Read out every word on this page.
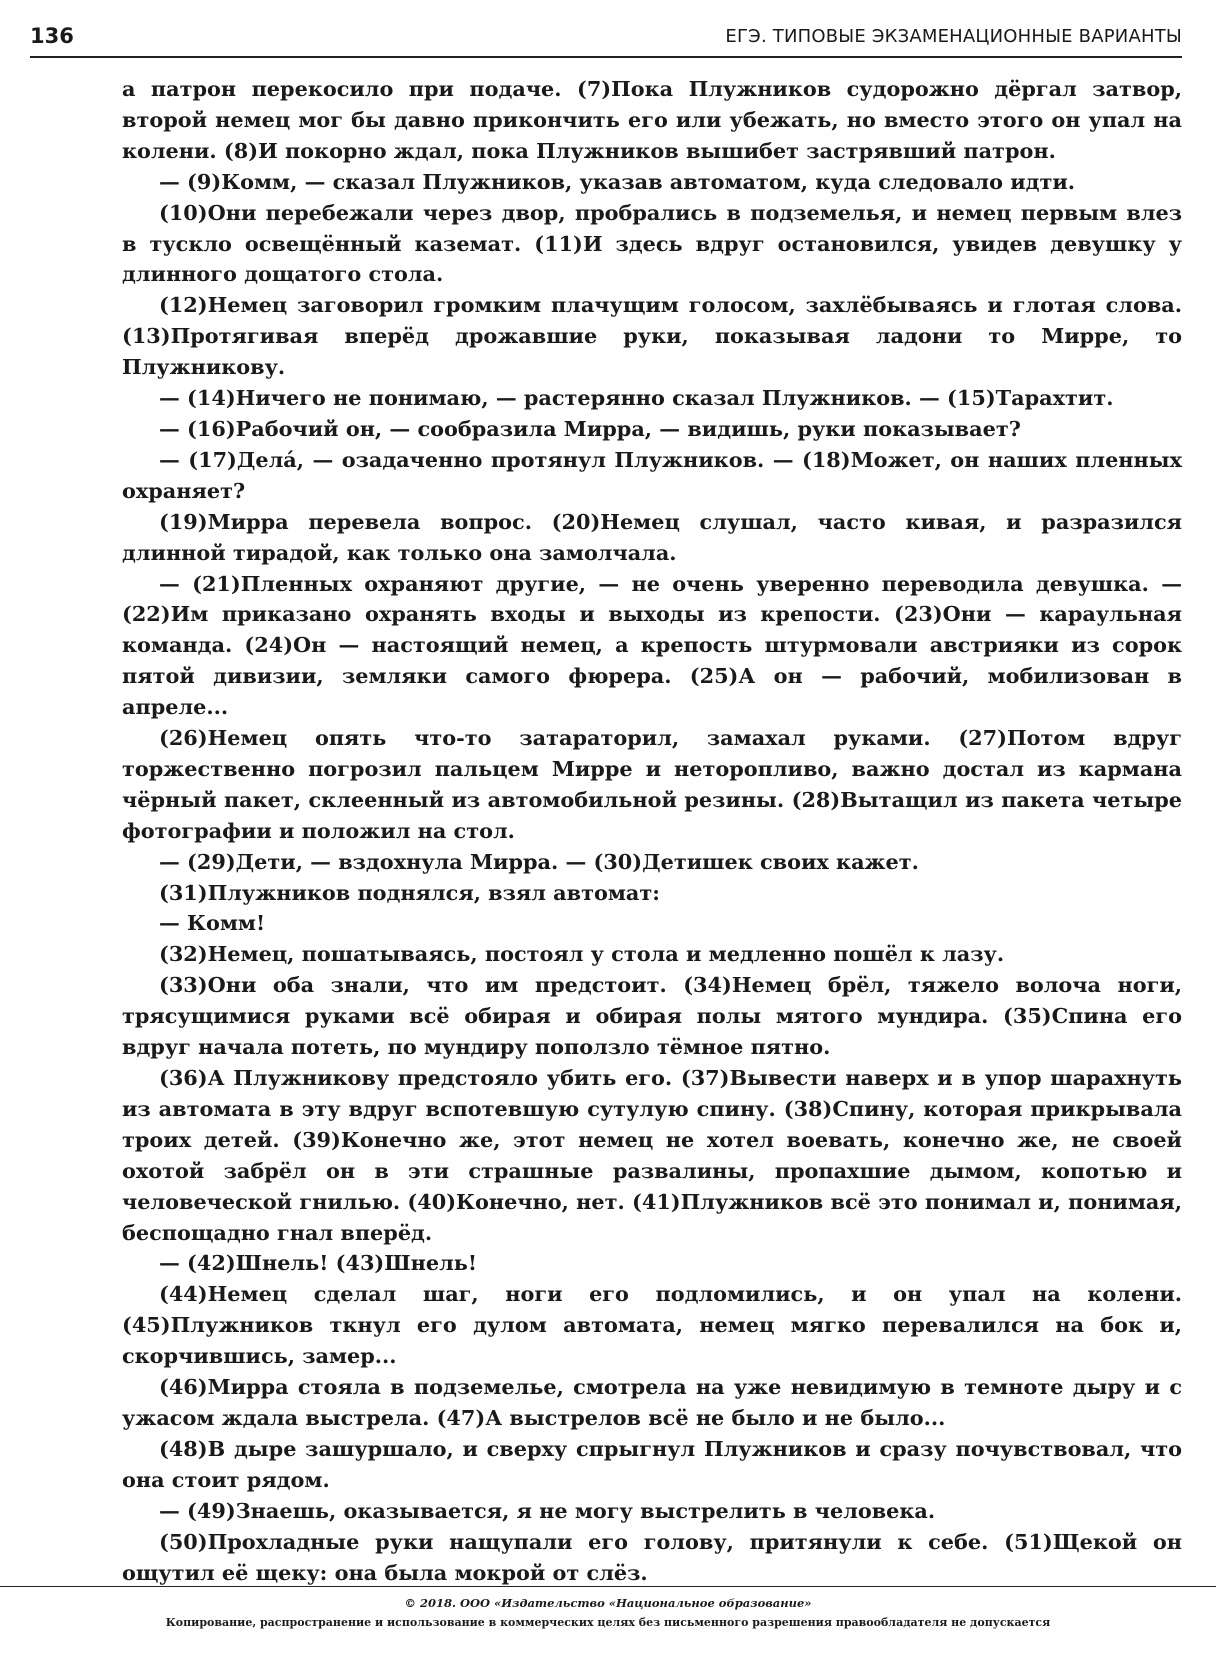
136	ЕГЭ. ТИПОВЫЕ ЭКЗАМЕНАЦИОННЫЕ ВАРИАНТЫ

а патрон перекосило при подаче. (7)Пока Плужников судорожно дёргал затвор, второй немец мог бы давно прикончить его или убежать, но вместо этого он упал на колени. (8)И покорно ждал, пока Плужников вышибет застрявший патрон.

— (9)Комм, — сказал Плужников, указав автоматом, куда следовало идти.

(10)Они перебежали через двор, пробрались в подземелья, и немец первым влез в тускло освещённый каземат. (11)И здесь вдруг остановился, увидев девушку у длинного дощатого стола.

(12)Немец заговорил громким плачущим голосом, захлёбываясь и глотая слова. (13)Протягивая вперёд дрожавшие руки, показывая ладони то Мирре, то Плужникову.

— (14)Ничего не понимаю, — растерянно сказал Плужников. — (15)Тарахтит.

— (16)Рабочий он, — сообразила Мирра, — видишь, руки показывает?

— (17)Делá, — озадаченно протянул Плужников. — (18)Может, он наших пленных охраняет?

(19)Мирра перевела вопрос. (20)Немец слушал, часто кивая, и разразился длинной тирадой, как только она замолчала.

— (21)Пленных охраняют другие, — не очень уверенно переводила девушка. — (22)Им приказано охранять входы и выходы из крепости. (23)Они — караульная команда. (24)Он — настоящий немец, а крепость штурмовали австрияки из сорок пятой дивизии, земляки самого фюрера. (25)А он — рабочий, мобилизован в апреле...

(26)Немец опять что-то затараторил, замахал руками. (27)Потом вдруг торжественно погрозил пальцем Мирре и неторопливо, важно достал из кармана чёрный пакет, склеенный из автомобильной резины. (28)Вытащил из пакета четыре фотографии и положил на стол.

— (29)Дети, — вздохнула Мирра. — (30)Детишек своих кажет.

(31)Плужников поднялся, взял автомат:

— Комм!

(32)Немец, пошатываясь, постоял у стола и медленно пошёл к лазу.

(33)Они оба знали, что им предстоит. (34)Немец брёл, тяжело волоча ноги, трясущимися руками всё обирая и обирая полы мятого мундира. (35)Спина его вдруг начала потеть, по мундиру поползло тёмное пятно.

(36)А Плужникову предстояло убить его. (37)Вывести наверх и в упор шарахнуть из автомата в эту вдруг вспотевшую сутулую спину. (38)Спину, которая прикрывала троих детей. (39)Конечно же, этот немец не хотел воевать, конечно же, не своей охотой забрёл он в эти страшные развалины, пропахшие дымом, копотью и человеческой гнилью. (40)Конечно, нет. (41)Плужников всё это понимал и, понимая, беспощадно гнал вперёд.

— (42)Шнель! (43)Шнель!

(44)Немец сделал шаг, ноги его подломились, и он упал на колени. (45)Плужников ткнул его дулом автомата, немец мягко перевалился на бок и, скорчившись, замер...

(46)Мирра стояла в подземелье, смотрела на уже невидимую в темноте дыру и с ужасом ждала выстрела. (47)А выстрелов всё не было и не было...

(48)В дыре зашуршало, и сверху спрыгнул Плужников и сразу почувствовал, что она стоит рядом.

— (49)Знаешь, оказывается, я не могу выстрелить в человека.

(50)Прохладные руки нащупали его голову, притянули к себе. (51)Щекой он ощутил её щеку: она была мокрой от слёз.

© 2018. ООО «Издательство «Национальное образование»
Копирование, распространение и использование в коммерческих целях без письменного разрешения правообладателя не допускается
